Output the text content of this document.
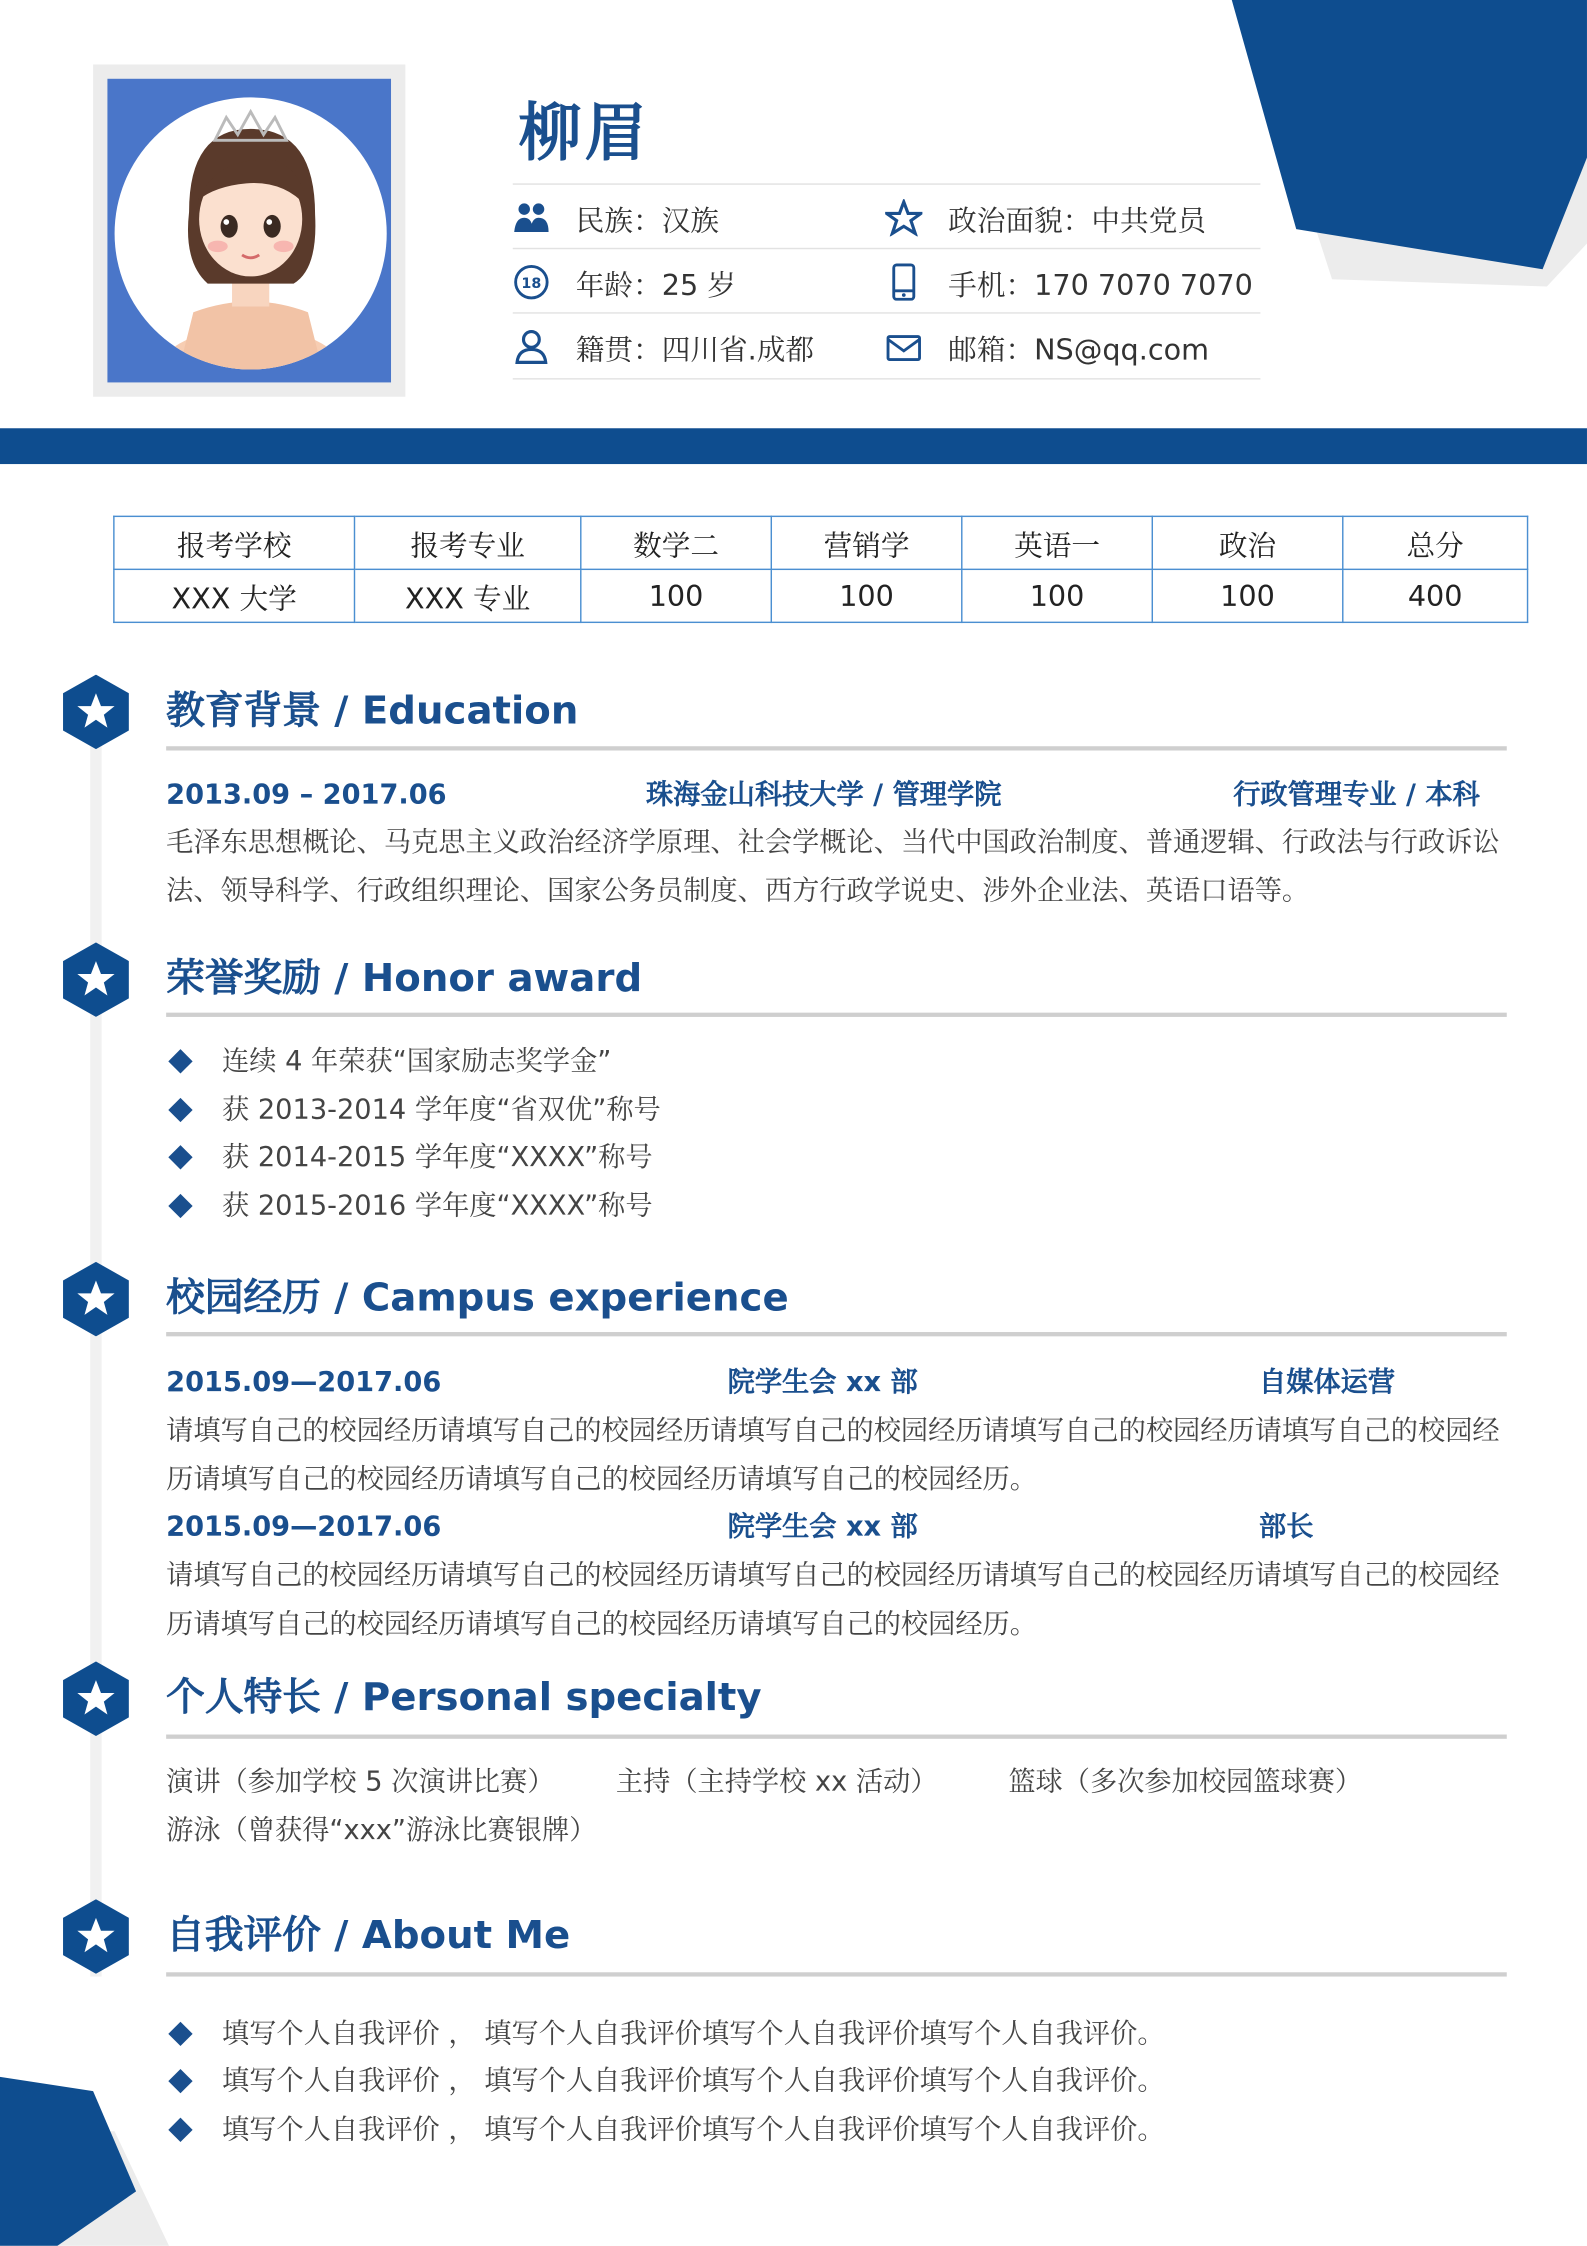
柳眉
民族：汉族	政治面貌：中共党员
18 年龄：25 岁	手机：170 7070 7070
籍贯：四川省.成都	邮箱：NS@qq.com
报考学校	报考专业	数学二	营销学	英语一	政治	总分
XXX 大学	XXX 专业	100	100	100	100	400
教育背景 / Education
2013.09 – 2017.06	珠海金山科技大学 / 管理学院	行政管理专业 / 本科
毛泽东思想概论、马克思主义政治经济学原理、社会学概论、当代中国政治制度、普通逻辑、行政法与行政诉讼法、领导科学、行政组织理论、国家公务员制度、西方行政学说史、涉外企业法、英语口语等。
荣誉奖励 / Honor award
连续 4 年荣获“国家励志奖学金”
获 2013-2014 学年度“省双优”称号
获 2014-2015 学年度“XXXX”称号
获 2015-2016 学年度“XXXX”称号
校园经历 / Campus experience
2015.09—2017.06	院学生会 xx 部	自媒体运营
请填写自己的校园经历请填写自己的校园经历请填写自己的校园经历请填写自己的校园经历请填写自己的校园经历请填写自己的校园经历请填写自己的校园经历请填写自己的校园经历。
2015.09—2017.06	院学生会 xx 部	部长
请填写自己的校园经历请填写自己的校园经历请填写自己的校园经历请填写自己的校园经历请填写自己的校园经历请填写自己的校园经历请填写自己的校园经历请填写自己的校园经历。
个人特长 / Personal specialty
演讲（参加学校 5 次演讲比赛）	主持（主持学校 xx 活动）	篮球（多次参加校园篮球赛）
游泳（曾获得“xxx”游泳比赛银牌）
自我评价 / About Me
填写个人自我评价 ， 填写个人自我评价填写个人自我评价填写个人自我评价。
填写个人自我评价 ， 填写个人自我评价填写个人自我评价填写个人自我评价。
填写个人自我评价 ， 填写个人自我评价填写个人自我评价填写个人自我评价。
